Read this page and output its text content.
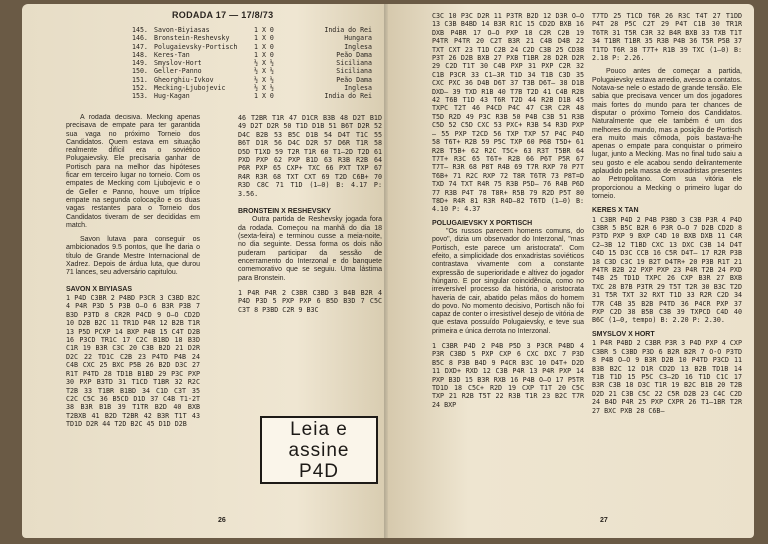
RODADA 17 — 17/8/73
145. Savon-Biyiasas	1 X 0	India do Rei
146. Bronstein-Reshevsky	1 X 0	Hungara
147. Polugaievsky-Portisch	1 X 0	Inglesa
148. Keres-Tan	1 X 0	Peão Dama
149. Smyslov-Hort	½ X ½	Siciliana
150. Geller-Panno	½ X ½	Siciliana
151. Gheorghiu-Ivkov	½ X ½	Peão Dama
152. Mecking-Ljubojevic	½ X ½	Inglesa
153. Hug-Kagan	1 X 0	India do Rei

A rodada decisiva. Mecking apenas precisava de empate para ter garantida sua vaga no próximo Torneio dos Candidatos. Quem estava em situação realmente difícil era o soviético Polugaievsky. Ele precisaria ganhar de Portisch para na melhor das hipóteses ficar em terceiro lugar no torneio. Com os empates de Mecking com Ljubojevic e o de Geller e Panno, houve um tríplice empate na segunda colocação e os duas vagas restantes para o Torneio dos Candidatos tiveram de ser decididas em match.

Savon lutava para conseguir os ambicionados 9.5 pontos, que lhe daria o título de Grande Mestre Internacional de Xadrez. Depois de árdua luta, que durou 71 lances, seu adversário capitulou.

SAVON X BIYIASAS

1 P4D C3BR 2 P4BD P3CR 3 C3BD B2C 4 P4R P3D 5 P3B O—O 6 B3R P3B 7 B3D P3TD 8 CR2R P4CD 9 O—O CD2D 10 D2B B2C 11 TR1D P4R 12 B2B T1R 13 P5D PCXP 14 BXP P4B 15 C4T D2B 16 P3CD TR1C 17 C2C B1BD 18 B3D C1R 19 B3R C3C 20 C3B B2D 21 D2R D2C 22 TD1C C2B 23 P4TD P4B 24 C4B CXC 25 BXC P5B 26 B2D D3C 27 R1T P4TD 28 TD1B B1BD 29 P3C PXP 30 PXP B3TD 31 T1CD T1BR 32 R2C T2B 33 T1BR B1BD 34 C1D C3T 35 C2C C5C 36 B5CD D1D 37 C4B T1-2T 38 B3R B1B 39 T1TR B2D 40 BXB T2BXB 41 B2D T2BR 42 B3R T1T 43 TD1D D2R 44 T2D B2C 45 D1D D2B

46 T2BR T1R 47 D1CR B3B 48 D2T B1D 49 D2T D2R 50 T1D D1B 51 B6T D2R 52 D4C B2B 53 B5C D1B 54 D4T T1C 55 B6T D1R 56 D4C D2R 57 D6R T1R 58 D5D T1XD 59 T2R T1R 60 T1—2D T2D 61 PXD PXP 62 PXP B1D 63 R3B R2B 64 P6R PXP 65 CXP+ TXC 66 PXT TXP 67 R4R R3R 68 TXT CXT 69 T2D C6B+ 70 R3D C8C 71 T1D (1—0) B: 4.17 P: 3.56.

BRONSTEIN X RESHEVSKY

Outra partida de Reshevsky jogada fora da rodada. Começou na manhã do dia 18 (sexta-feira) e terminou cusse a meia-noite, no dia seguinte. Dessa forma os dois não puderam participar da sessão de encerramento do Interzonal e do banquete comemorativo que se seguiu. Uma lástima para Bronstein.

1 P4R P4R 2 C3BR C3BD 3 B4B B2R 4 P4D P3D 5 PXP PXP 6 B5D B3D 7 C5C C3T 8 P3BD C2R 9 B3C

Leia e
assine
P4D
26

C3C 10 P3C D2R 11 P3TR B2D 12 D3R O—O 13 C3B B4BD 14 B3R R1C 15 CD2D BXB 16 DXB P4BR 17 O—O PXP 18 C2R C2B 19 P4TR P4TR 20 C2T B3R 21 C4B D4B 22 TXT CXT 23 T1D C2B 24 C2D C3B 25 CD3B P3T 26 D2B BXB 27 PXB T1BR 28 D2R D2R 29 C2D T1T 30 C4B PXP 31 PXP C2R 32 C1B P3CR 33 C1—3R T1D 34 T1B C3D 35 CXC PXC 36 D4B D6T 37 T3B D6T— 38 D1B DXD— 39 TXD R1B 40 T7B T2D 41 C4B R2B 42 T6B T1D 43 T6R T2D 44 R2B D1B 45 TXPC T2T 46 P4CD P4C 47 C3R C2R 48 T5D R2D 49 P3C R3B 50 P4B C3B 51 R3B C5D 52 C5D CXC 53 PXC+ R3B 54 R3D PXP— 55 PXP T2CD 56 TXP TXP 57 P4C P4D 58 T6T+ R2B 59 P5C TXP 60 P6B T5D+ 61 R2B T5B+ 62 R2C T5C+ 63 R3T T5BR 64 T7T+ R3C 65 T6T+ R2B 66 P6T P5R 67 T7T— R3R 68 P8T R4B 69 T7R RXP 70 P7T T6B+ 71 R2C RXP 72 T8R T6TR 73 P8T=D TXD 74 TXT R4R 75 R3B P5D— 76 R4B P6D 77 R3B P4T 78 T8R+ R5B 79 R2D P5T 80 T8D+ R4R 81 R3R R4D—82 T6TD (1—0) B: 4.10 P: 4.37

POLUGAIEVSKY X PORTISCH

"Os russos parecem homens comuns, do povo", dizia um observador do Interzonal, "mas Portisch, este parece um aristocrata". Com efeito, a simplicidade dos enxadristas soviéticos contrastava vivamente com a constante expressão de superioridade e altivez do jogador húngaro. E por singular coincidência, como no irreversível processo da história, o aristocrata haveria de cair, abatido pelas mãos do homem do povo. No momento decisivo, Portisch não foi capaz de conter o irresistível desejo de vitória de que estava possuído Polugaievsky, e teve sua primeira e única derrota no Interzonal.

1 C3BR P4D 2 P4B P5D 3 P3CR P4BD 4 P3R C3BD 5 PXP CXP 6 CXC DXC 7 P3D B5C 8 P3B B4D 9 P4CR B3C 10 D4T+ D2D 11 DXD+ RXD 12 C3B P4R 13 P4R PXP 14 PXP B3D 15 B3R RXB 16 P4B O—O 17 P5TR TD1D 18 C5C+ R2D 19 CXP T1T 20 C5C TXP 21 R2B T5T 22 R3B T1R 23 B2C T7R 24 BXP

T7TD 25 T1CD T6R 26 R3C T4T 27 T1DD P4T 28 P5C C2T 29 P4T C1B 30 TR1R T6TR 31 T5R C3R 32 B4R BXB 33 TXB T1T 34 T1BR T1BR 35 R3B P4B 36 T5R P5B 37 T1TD T6R 38 T7T+ R1B 39 TXC (1—0) B: 2.18 P: 2.26.

Pouco antes de começar a partida, Polugaievsky estava arredio, avesso a contatos. Notava-se nele o estado de grande tensão. Ele sabia que precisava vencer um dos jogadores mais fortes do mundo para ter chances de disputar o próximo Torneio dos Candidatos. Naturalmente que ele também é um dos melhores do mundo, mas a posição de Portisch era muito mais cômoda, pois bastava-lhe apenas o empate para conquistar o primeiro lugar, junto a Mecking. Mas no final tudo saiu a seu gosto e ele acabou sendo delirantemente aplaudido pela massa de enxadristas presentes ao Petropolitano. Com sua vitória ele proporcionou a Mecking o primeiro lugar do torneio.

KERES X TAN

1 C3BR P4D 2 P4B P3BD 3 C3B P3R 4 P4D C3BR 5 B5C B2R 6 P3R O—O 7 D2B CD2D 8 P3TD PXP 9 BXP C4D 10 BXB DXB 11 C4R C2—3B 12 T1BD CXC 13 DXC C3B 14 D4T C4D 15 D3C CCB 16 C5R D4T— 17 R2R P3B 18 C3D C3C 19 B2T D4TR+ 20 P3B R1T 21 P4TR B2B 22 PXP PXP 23 P4R T2B 24 PXD T4B 25 TD1D TXPC 26 CXP B3R 27 BXB TXC 28 B7B P3TR 29 T5T T2R 30 B3C T2D 31 T5R TXT 32 RXT T1D 33 R2R C2D 34 T7R C4B 35 B2B P4TD 36 P4CR PXP 37 PXP C2D 38 B5B C3B 39 TXPCD C4D 40 B6C (1—0, tempo) B: 2.20 P: 2.30.

SMYSLOV X HORT

1 P4R P4BD 2 C3BR P3R 3 P4D PXP 4 CXP C3BR 5 C3BD P3D 6 B2R B2R 7 O-O P3TD 8 P4B O—O 9 B3R D2B 10 P4TD P3CD 11 B3B B2C 12 D1R CD2D 13 B2B TD1B 14 T1B T1D 15 P5C C3—2D 16 T1D C1C 17 B3R C3B 18 D3C T1R 19 B2C B1B 20 T2B D2D 21 C3B C5C 22 C5R D2B 23 C4C C2D 24 B4D P4R 25 PXP CXPR 26 T1—1BR T2R 27 BXC PXB 28 C6B—

27
